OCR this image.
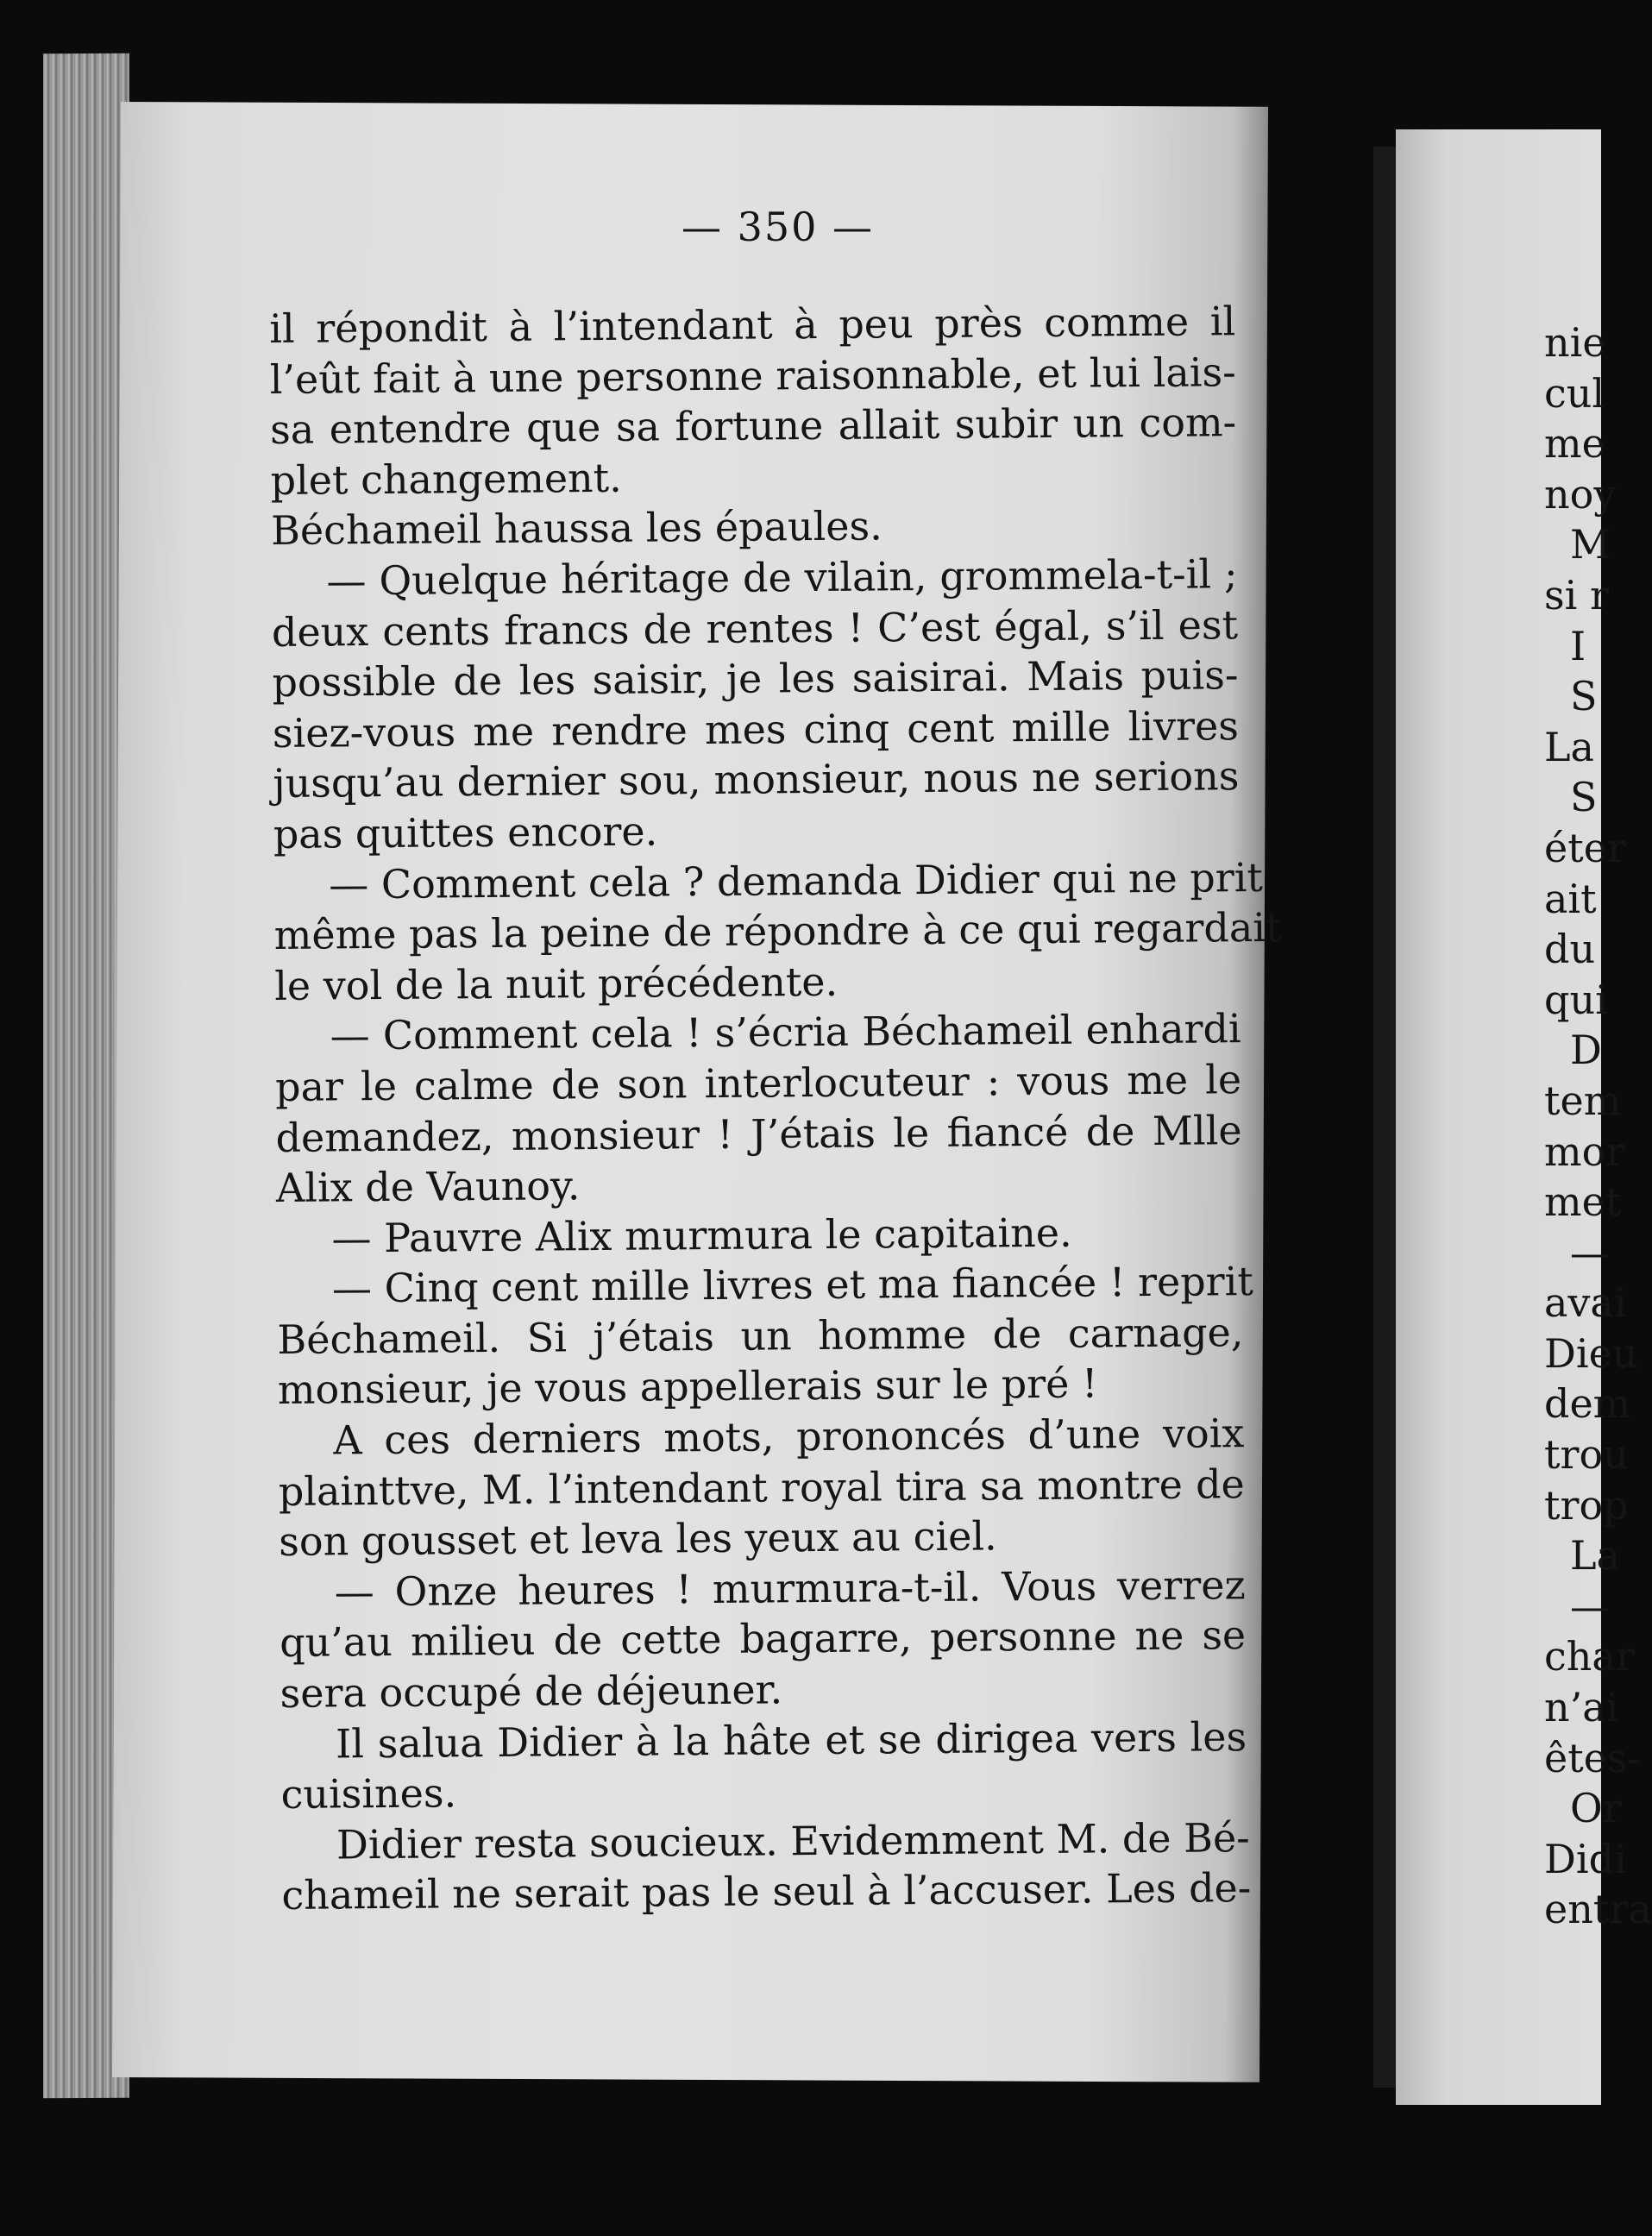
— 350 —
il répondit à l’intendant à peu près comme il
l’eût fait à une personne raisonnable, et lui lais-
sa entendre que sa fortune allait subir un com-
plet changement.
Béchameil haussa les épaules.
— Quelque héritage de vilain, grommela-t-il ;
deux cents francs de rentes ! C’est égal, s’il est
possible de les saisir, je les saisirai. Mais puis-
siez-vous me rendre mes cinq cent mille livres
jusqu’au dernier sou, monsieur, nous ne serions
pas quittes encore.
— Comment cela ? demanda Didier qui ne prit
même pas la peine de répondre à ce qui regardait
le vol de la nuit précédente.
— Comment cela ! s’écria Béchameil enhardi
par le calme de son interlocuteur : vous me le
demandez, monsieur ! J’étais le fiancé de Mlle
Alix de Vaunoy.
— Pauvre Alix murmura le capitaine.
— Cinq cent mille livres et ma fiancée ! reprit
Béchameil. Si j’étais un homme de carnage,
monsieur, je vous appellerais sur le pré !
A ces derniers mots, prononcés d’une voix
plainttve, M. l’intendant royal tira sa montre de
son gousset et leva les yeux au ciel.
— Onze heures ! murmura-t-il. Vous verrez
qu’au milieu de cette bagarre, personne ne se
sera occupé de déjeuner.
Il salua Didier à la hâte et se dirigea vers les
cuisines.
Didier resta soucieux. Evidemment M. de Bé-
chameil ne serait pas le seul à l’accuser. Les de-
nie
cul
me
noy
M
si r
I
S
La
S
éter
ait
du
qui
D
tem
mor
met
—
avai
Dieu
dem
trou
trop
La
—
char
n’ai
êtes-
Or
Didi
entra
